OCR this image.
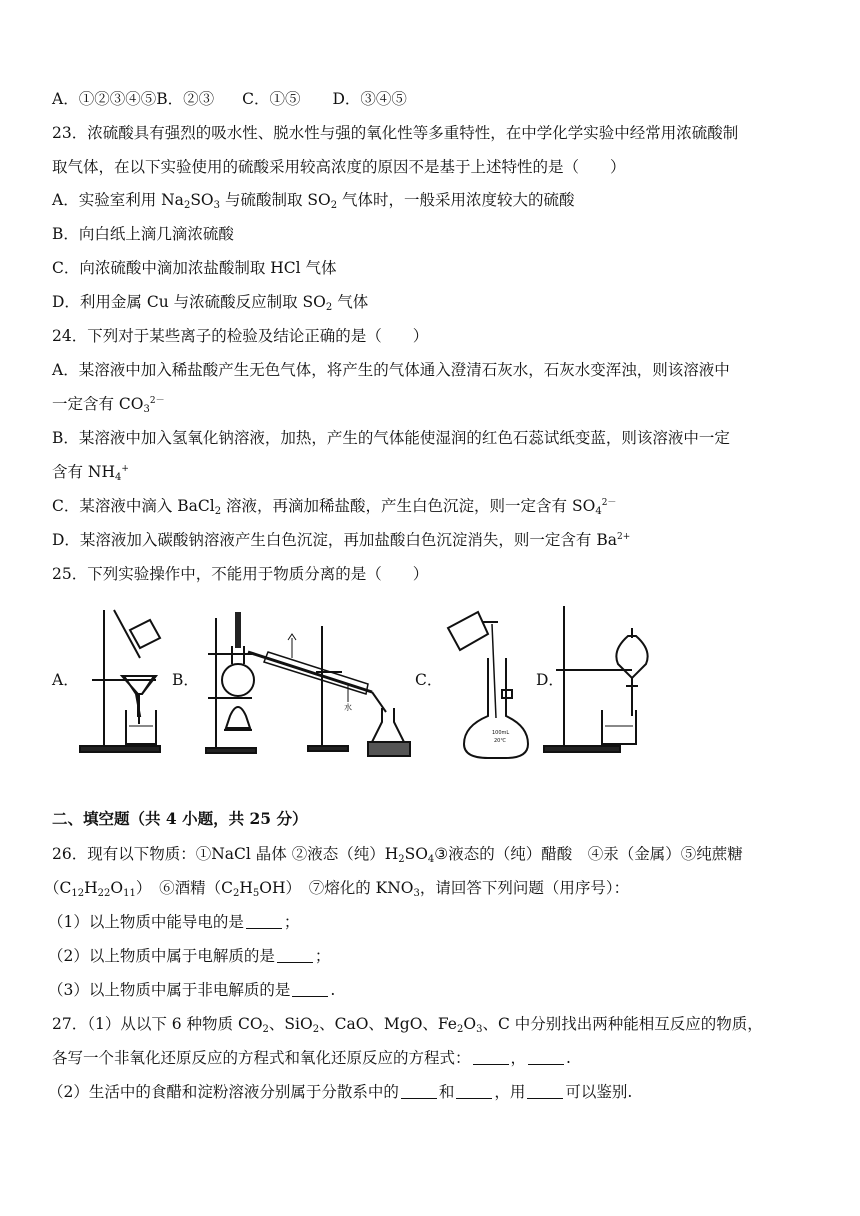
A．①②③④⑤B．②③ C．①⑤ D．③④⑤
23．浓硫酸具有强烈的吸水性、脱水性与强的氧化性等多重特性，在中学化学实验中经常用浓硫酸制
取气体，在以下实验使用的硫酸采用较高浓度的原因不是基于上述特性的是（　　）
A．实验室利用 $Na_2SO_3$ 与硫酸制取 $SO_2$ 气体时，一般采用浓度较大的硫酸
B．向白纸上滴几滴浓硫酸
C．向浓硫酸中滴加浓盐酸制取 HCl 气体
D．利用金属 Cu 与浓硫酸反应制取 $SO_2$ 气体
24．下列对于某些离子的检验及结论正确的是（　　）
A．某溶液中加入稀盐酸产生无色气体，将产生的气体通入澄清石灰水，石灰水变浑浊，则该溶液中
一定含有 $CO_3^{2-}$
B．某溶液中加入氢氧化钠溶液，加热，产生的气体能使湿润的红色石蕊试纸变蓝，则该溶液中一定
含有 $NH_4^+$
C．某溶液中滴入 BaCl$_2$ 溶液，再滴加稀盐酸，产生白色沉淀，则一定含有 $SO_4^{2-}$
D．某溶液加入碳酸钠溶液产生白色沉淀，再加盐酸白色沉淀消失，则一定含有 $Ba^{2+}$
25．下列实验操作中，不能用于物质分离的是（　　）
A．	B．	C．	D．
100mL
20℃
水
二、填空题（共 4 小题，共 25 分）
26．现有以下物质：①NaCl 晶体 ②液态（纯）$H_2SO_4③$液态的（纯）醋酸　④汞（金属）⑤纯蔗糖
$(C_{12}H_{22}O_{11})$　⑥酒精$(C_2H_5OH)$　⑦熔化的 $KNO_3$，请回答下列问题（用序号）：
（1）以上物质中能导电的是	；
（2）以上物质中属于电解质的是	；
（3）以上物质中属于非电解质的是	.
27．（1）从以下 6 种物质 $CO_2$、SiO$_2$、CaO、MgO、$Fe_2O_3$、C 中分别找出两种能相互反应的物质，
各写一个非氧化还原反应的方程式和氧化还原反应的方程式：	，	.
（2）生活中的食醋和淀粉溶液分别属于分散系中的	和	，用	可以鉴别.
